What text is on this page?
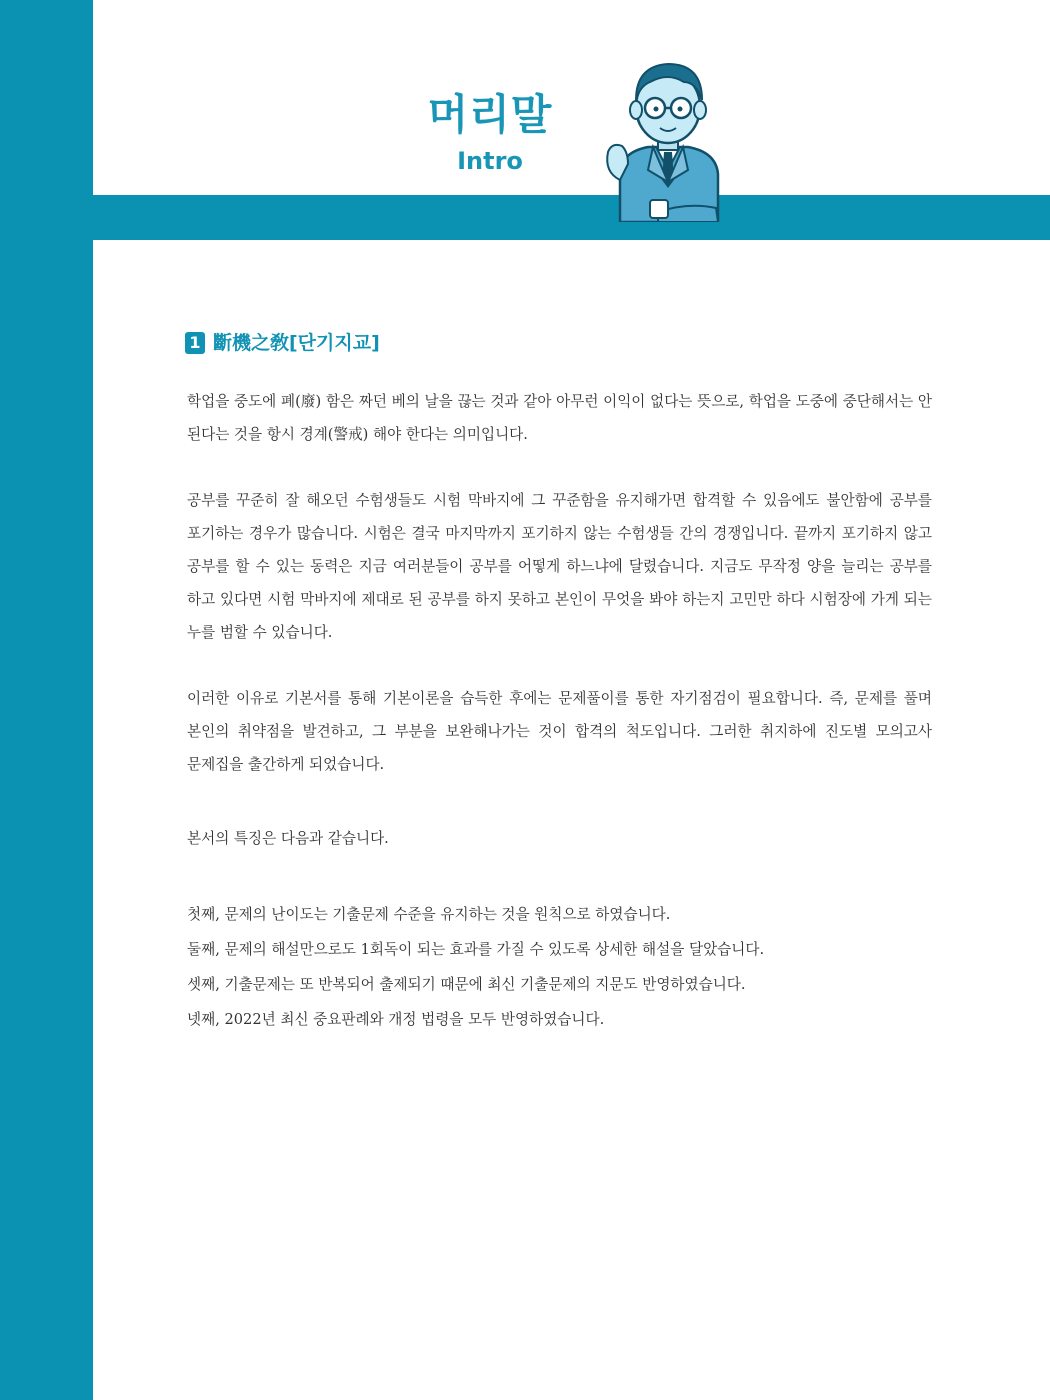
머리말
Intro
1 斷機之敎[단기지교]

학업을 중도에 폐(廢) 함은 짜던 베의 날을 끊는 것과 같아 아무런 이익이 없다는 뜻으로, 학업을 도중에 중단해서는 안 된다는 것을 항시 경계(警戒) 해야 한다는 의미입니다.

공부를 꾸준히 잘 해오던 수험생들도 시험 막바지에 그 꾸준함을 유지해가면 합격할 수 있음에도 불안함에 공부를 포기하는 경우가 많습니다. 시험은 결국 마지막까지 포기하지 않는 수험생들 간의 경쟁입니다. 끝까지 포기하지 않고 공부를 할 수 있는 동력은 지금 여러분들이 공부를 어떻게 하느냐에 달렸습니다. 지금도 무작정 양을 늘리는 공부를 하고 있다면 시험 막바지에 제대로 된 공부를 하지 못하고 본인이 무엇을 봐야 하는지 고민만 하다 시험장에 가게 되는 누를 범할 수 있습니다.

이러한 이유로 기본서를 통해 기본이론을 습득한 후에는 문제풀이를 통한 자기점검이 필요합니다. 즉, 문제를 풀며 본인의 취약점을 발견하고, 그 부분을 보완해나가는 것이 합격의 척도입니다. 그러한 취지하에 진도별 모의고사 문제집을 출간하게 되었습니다.

본서의 특징은 다음과 같습니다.

첫째, 문제의 난이도는 기출문제 수준을 유지하는 것을 원칙으로 하였습니다.
둘째, 문제의 해설만으로도 1회독이 되는 효과를 가질 수 있도록 상세한 해설을 달았습니다.
셋째, 기출문제는 또 반복되어 출제되기 때문에 최신 기출문제의 지문도 반영하였습니다.
넷째, 2022년 최신 중요판례와 개정 법령을 모두 반영하였습니다.
